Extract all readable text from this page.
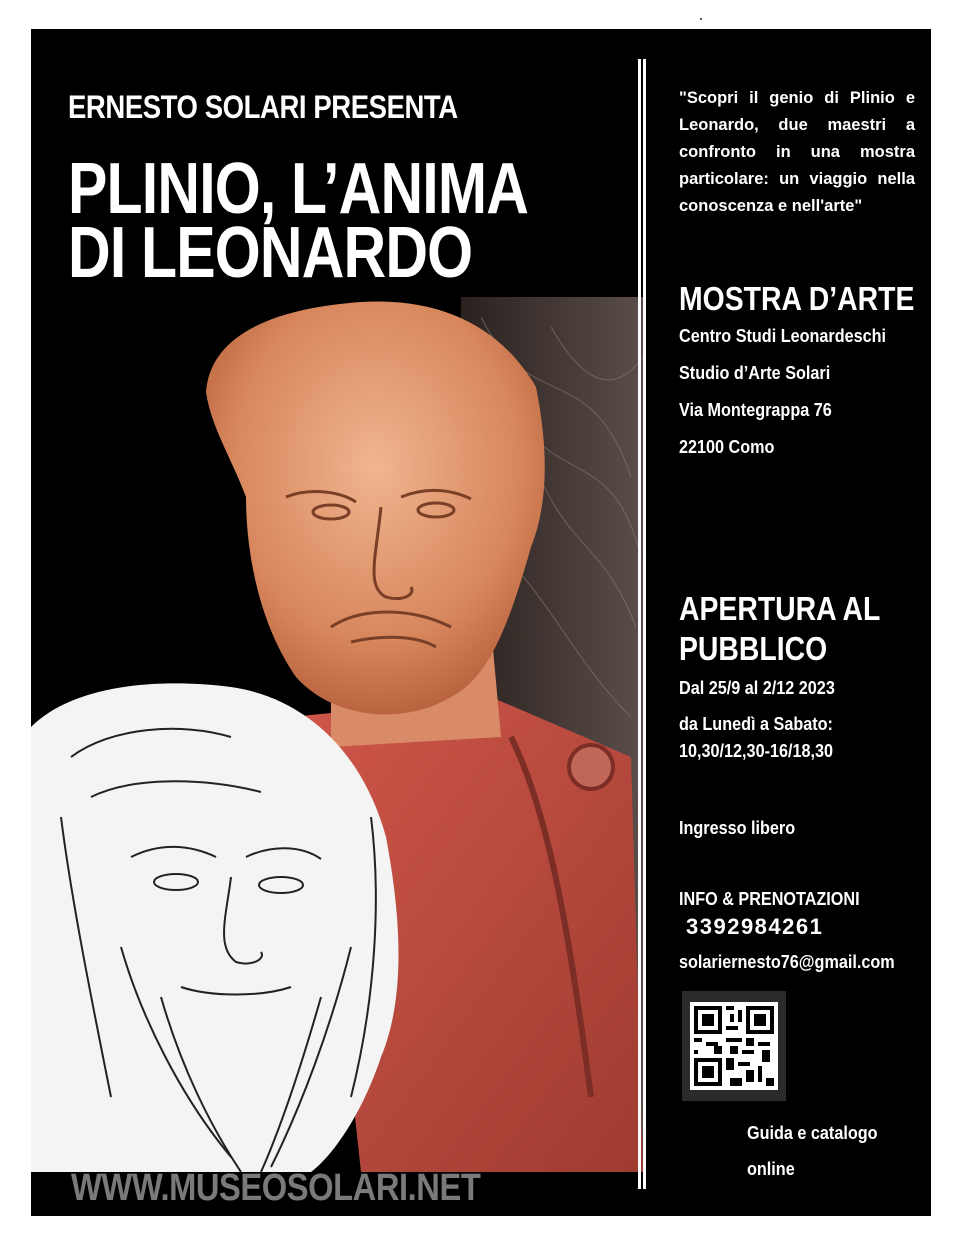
ERNESTO SOLARI PRESENTA
PLINIO, L’ANIMA
DI LEONARDO
WWW.MUSEOSOLARI.NET
"Scopri il genio di Plinio e Leonardo, due maestri a confronto in una mostra particolare: un viaggio nella conoscenza e nell'arte"
MOSTRA D’ARTE
Centro Studi Leonardeschi
Studio d’Arte Solari
Via Montegrappa 76
22100 Como
APERTURA AL
PUBBLICO
Dal 25/9 al 2/12 2023
da Lunedì a Sabato:
10,30/12,30-16/18,30
Ingresso libero
INFO & PRENOTAZIONI
3392984261
solariernesto76@gmail.com
Guida e catalogo
online
